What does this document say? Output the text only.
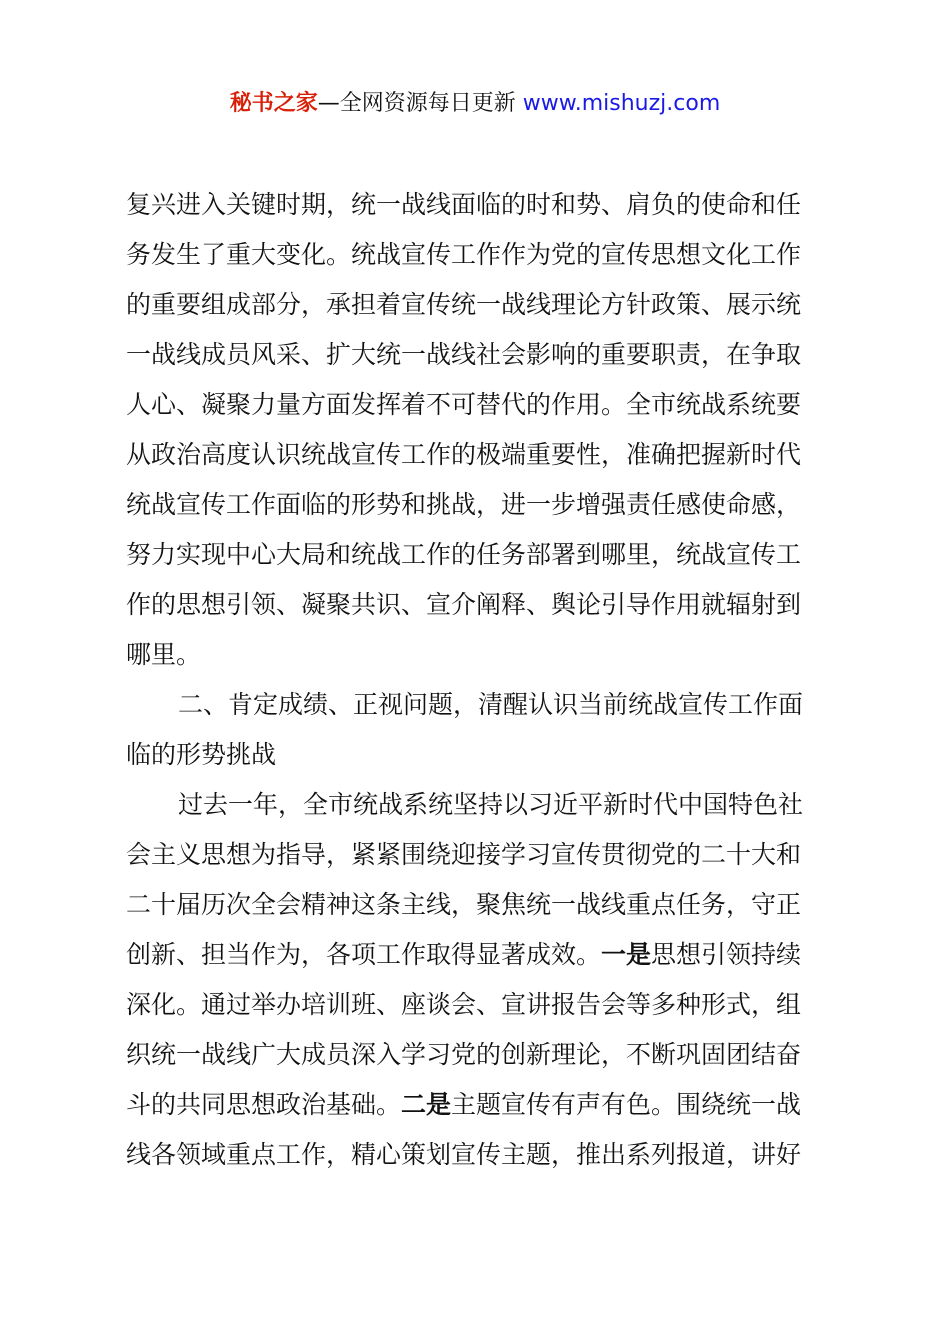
秘书之家—全网资源每日更新 www.mishuzj.com
复兴进入关键时期，统一战线面临的时和势、肩负的使命和任
务发生了重大变化。统战宣传工作作为党的宣传思想文化工作
的重要组成部分，承担着宣传统一战线理论方针政策、展示统
一战线成员风采、扩大统一战线社会影响的重要职责，在争取
人心、凝聚力量方面发挥着不可替代的作用。全市统战系统要
从政治高度认识统战宣传工作的极端重要性，准确把握新时代
统战宣传工作面临的形势和挑战，进一步增强责任感使命感，
努力实现中心大局和统战工作的任务部署到哪里，统战宣传工
作的思想引领、凝聚共识、宣介阐释、舆论引导作用就辐射到
哪里。
二、肯定成绩、正视问题，清醒认识当前统战宣传工作面
临的形势挑战
过去一年，全市统战系统坚持以习近平新时代中国特色社
会主义思想为指导，紧紧围绕迎接学习宣传贯彻党的二十大和
二十届历次全会精神这条主线，聚焦统一战线重点任务，守正
创新、担当作为，各项工作取得显著成效。一是思想引领持续
深化。通过举办培训班、座谈会、宣讲报告会等多种形式，组
织统一战线广大成员深入学习党的创新理论，不断巩固团结奋
斗的共同思想政治基础。二是主题宣传有声有色。围绕统一战
线各领域重点工作，精心策划宣传主题，推出系列报道，讲好
